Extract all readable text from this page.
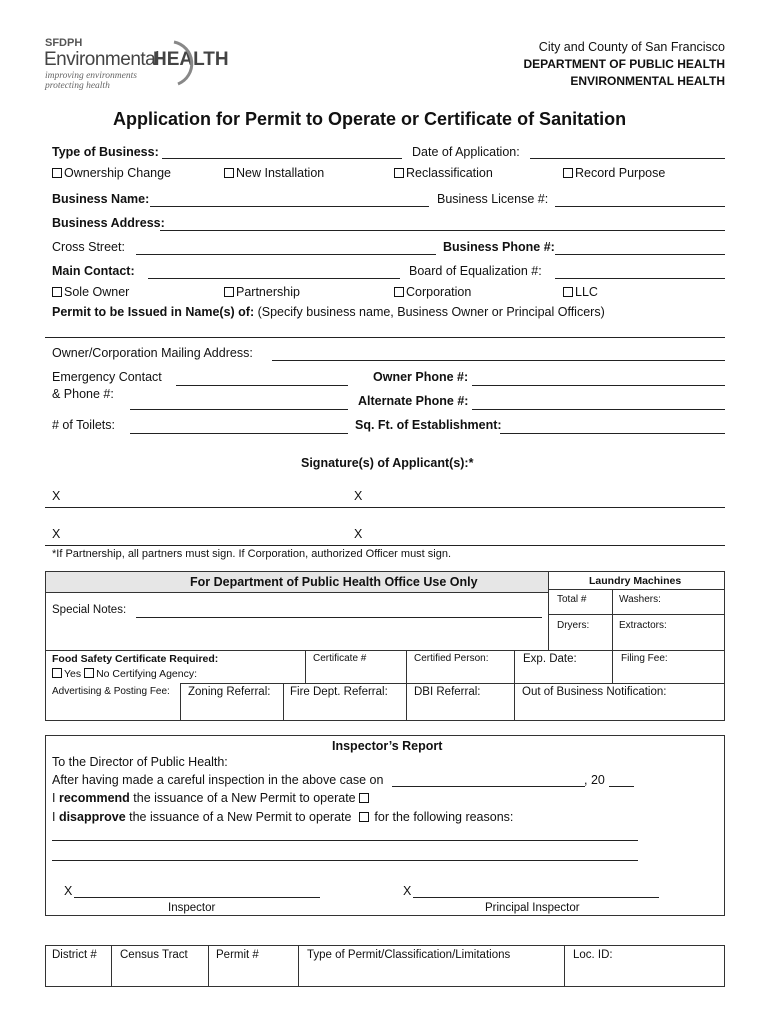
SFDPH
Environmental
HEALTH
improving environments
protecting health
City and County of San Francisco
DEPARTMENT OF PUBLIC HEALTH
ENVIRONMENTAL HEALTH
Application for Permit to Operate or Certificate of Sanitation
Type of Business:	Date of Application:
Ownership Change	New Installation	Reclassification	Record Purpose
Business Name:	Business License #:
Business Address:
Cross Street:	Business Phone #:
Main Contact:	Board of Equalization #:
Sole Owner	Partnership	Corporation	LLC
Permit to be Issued in Name(s) of: (Specify business name, Business Owner or Principal Officers)
Owner/Corporation Mailing Address:
Emergency Contact
& Phone #:
Owner Phone #:
Alternate Phone #:
# of Toilets:	Sq. Ft. of Establishment:
Signature(s) of Applicant(s):*
X	X
X	X
*If Partnership, all partners must sign. If Corporation, authorized Officer must sign.
For Department of Public Health Office Use Only	Laundry Machines
Total #	Washers:
Dryers:	Extractors:
Special Notes:
Food Safety Certificate Required:
Yes No Certifying Agency:
Certificate #	Certified Person:	Exp. Date:	Filing Fee:
Advertising & Posting Fee: Zoning Referral: Fire Dept. Referral: DBI Referral:	Out of Business Notification:
Inspector’s Report
To the Director of Public Health:
After having made a careful inspection in the above case on	, 20
I recommend the issuance of a New Permit to operate
I disapprove the issuance of a New Permit to operate for the following reasons:
X	X
Inspector	Principal Inspector
District # Census Tract Permit #	Type of Permit/Classification/Limitations	Loc. ID:
